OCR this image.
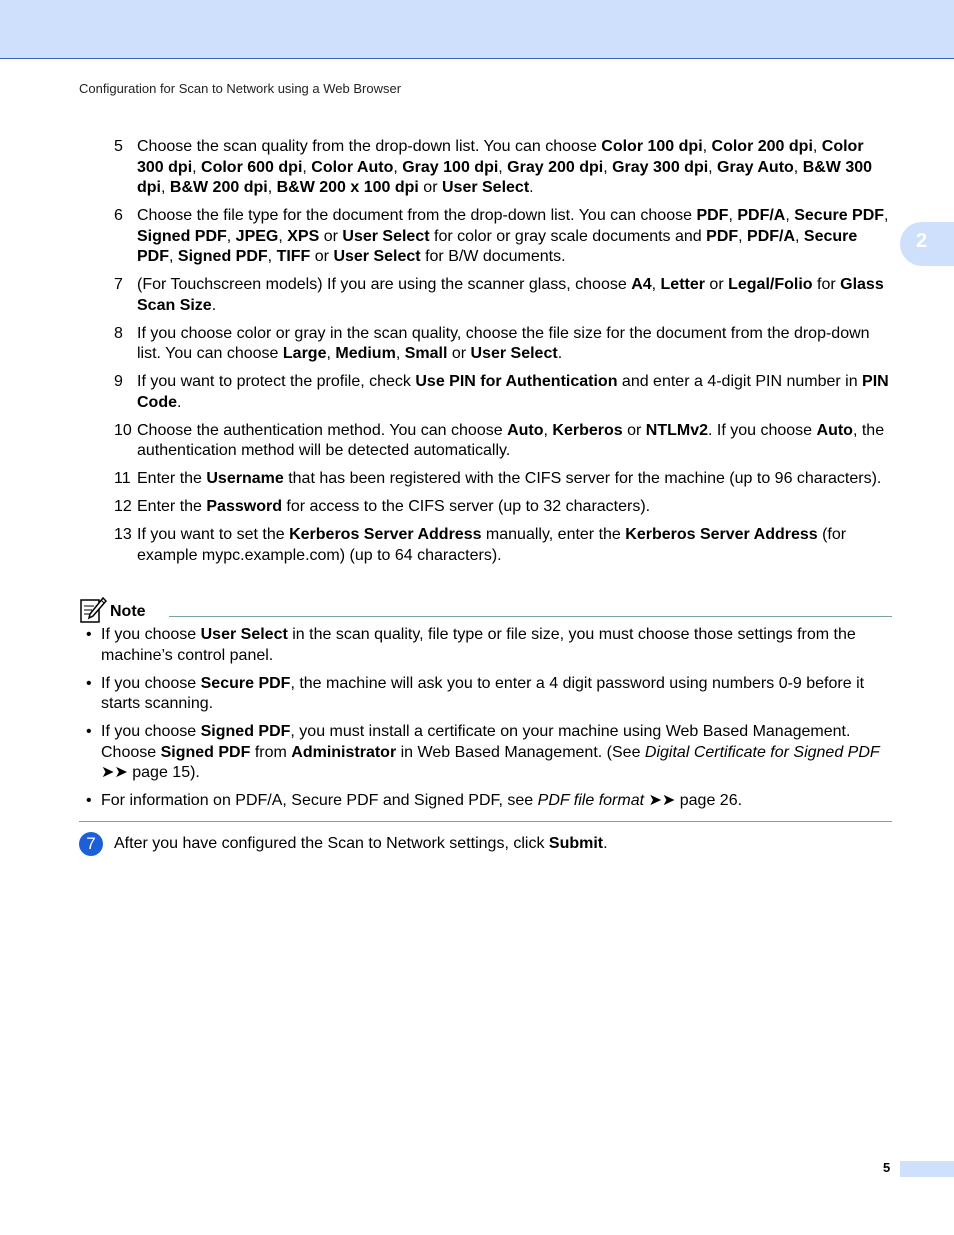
Configuration for Scan to Network using a Web Browser
2
5 Choose the scan quality from the drop-down list. You can choose Color 100 dpi, Color 200 dpi, Color 300 dpi, Color 600 dpi, Color Auto, Gray 100 dpi, Gray 200 dpi, Gray 300 dpi, Gray Auto, B&W 300 dpi, B&W 200 dpi, B&W 200 x 100 dpi or User Select.
6 Choose the file type for the document from the drop-down list. You can choose PDF, PDF/A, Secure PDF, Signed PDF, JPEG, XPS or User Select for color or gray scale documents and PDF, PDF/A, Secure PDF, Signed PDF, TIFF or User Select for B/W documents.
7 (For Touchscreen models) If you are using the scanner glass, choose A4, Letter or Legal/Folio for Glass Scan Size.
8 If you choose color or gray in the scan quality, choose the file size for the document from the drop-down list. You can choose Large, Medium, Small or User Select.
9 If you want to protect the profile, check Use PIN for Authentication and enter a 4-digit PIN number in PIN Code.
10 Choose the authentication method. You can choose Auto, Kerberos or NTLMv2. If you choose Auto, the authentication method will be detected automatically.
11 Enter the Username that has been registered with the CIFS server for the machine (up to 96 characters).
12 Enter the Password for access to the CIFS server (up to 32 characters).
13 If you want to set the Kerberos Server Address manually, enter the Kerberos Server Address (for example mypc.example.com) (up to 64 characters).
Note
• If you choose User Select in the scan quality, file type or file size, you must choose those settings from the machine’s control panel.
• If you choose Secure PDF, the machine will ask you to enter a 4 digit password using numbers 0-9 before it starts scanning.
• If you choose Signed PDF, you must install a certificate on your machine using Web Based Management. Choose Signed PDF from Administrator in Web Based Management. (See Digital Certificate for Signed PDF ➤➤ page 15).
• For information on PDF/A, Secure PDF and Signed PDF, see PDF file format ➤➤ page 26.
7	After you have configured the Scan to Network settings, click Submit.
5
